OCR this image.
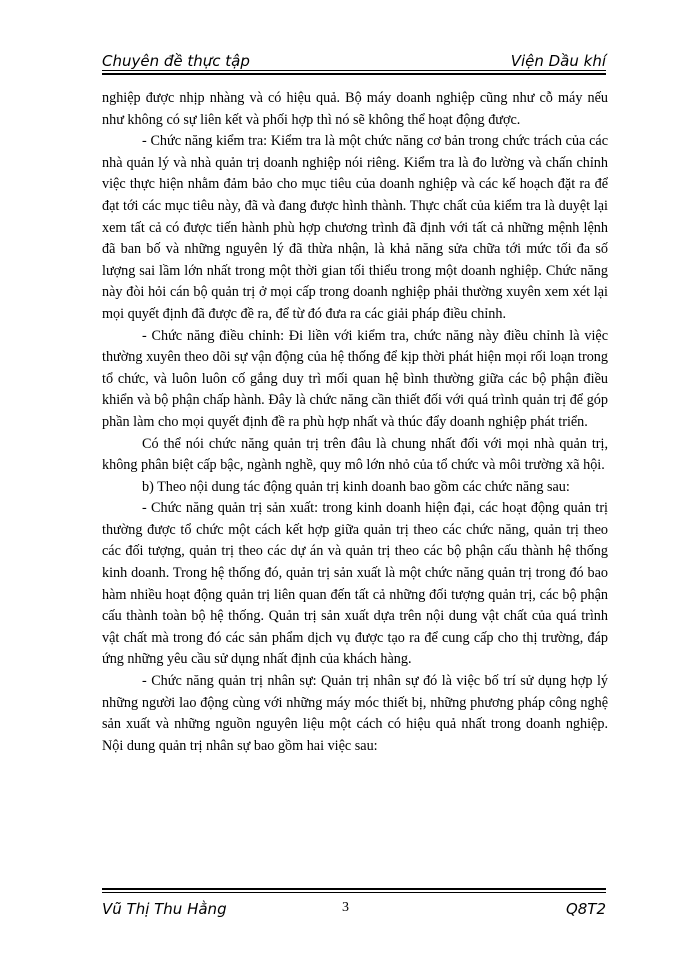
Chuyên đề thực tập	Viện Dầu khí

nghiệp được nhịp nhàng và có hiệu quả. Bộ máy doanh nghiệp cũng như cỗ máy nếu như không có sự liên kết và phối hợp thì nó sẽ không thể hoạt động được.

- Chức năng kiểm tra: Kiểm tra là một chức năng cơ bản trong chức trách của các nhà quản lý và nhà quản trị doanh nghiệp nói riêng. Kiểm tra là đo lường và chấn chỉnh việc thực hiện nhằm đảm bảo cho mục tiêu của doanh nghiệp và các kế hoạch đặt ra để đạt tới các mục tiêu này, đã và đang được hình thành. Thực chất của kiểm tra là duyệt lại xem tất cả có được tiến hành phù hợp chương trình đã định với tất cả những mệnh lệnh đã ban bố và những nguyên lý đã thừa nhận, là khả năng sửa chữa tới mức tối đa số lượng sai lầm lớn nhất trong một thời gian tối thiểu trong một doanh nghiệp. Chức năng này đòi hỏi cán bộ quản trị ở mọi cấp trong doanh nghiệp phải thường xuyên xem xét lại mọi quyết định đã được đề ra, để từ đó đưa ra các giải pháp điều chỉnh.

- Chức năng điều chỉnh: Đi liền với kiểm tra, chức năng này điều chỉnh là việc thường xuyên theo dõi sự vận động của hệ thống để kịp thời phát hiện mọi rối loạn trong tổ chức, và luôn luôn cố gắng duy trì mối quan hệ bình thường giữa các bộ phận điều khiển và bộ phận chấp hành. Đây là chức năng cần thiết đối với quá trình quản trị để góp phần làm cho mọi quyết định đề ra phù hợp nhất và thúc đẩy doanh nghiệp phát triển.

Có thể nói chức năng quản trị trên đâu là chung nhất đối với mọi nhà quản trị, không phân biệt cấp bậc, ngành nghề, quy mô lớn nhỏ của tổ chức và môi trường xã hội.

b) Theo nội dung tác động quản trị kinh doanh bao gồm các chức năng sau:

- Chức năng quản trị sản xuất: trong kinh doanh hiện đại, các hoạt động quản trị thường được tổ chức một cách kết hợp giữa quản trị theo các chức năng, quản trị theo các đối tượng, quản trị theo các dự án và quản trị theo các bộ phận cấu thành hệ thống kinh doanh. Trong hệ thống đó, quản trị sản xuất là một chức năng quản trị trong đó bao hàm nhiều hoạt động quản trị liên quan đến tất cả những đối tượng quản trị, các bộ phận cấu thành toàn bộ hệ thống. Quản trị sản xuất dựa trên nội dung vật chất của quá trình vật chất mà trong đó các sản phẩm dịch vụ được tạo ra để cung cấp cho thị trường, đáp ứng những yêu cầu sử dụng nhất định của khách hàng.

- Chức năng quản trị nhân sự: Quản trị nhân sự đó là việc bố trí sử dụng hợp lý những người lao động cùng với những máy móc thiết bị, những phương pháp công nghệ sản xuất và những nguồn nguyên liệu một cách có hiệu quả nhất trong doanh nghiệp. Nội dung quản trị nhân sự bao gồm hai việc sau:

Vũ Thị Thu Hằng	3	Q8T2
